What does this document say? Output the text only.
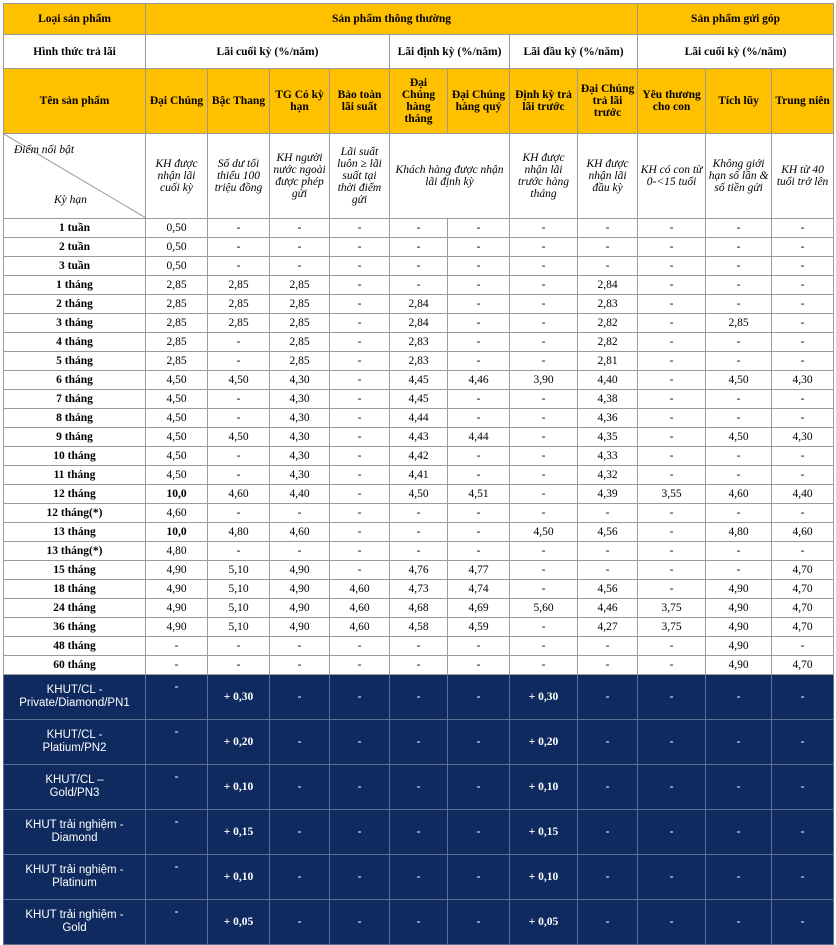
Loại sản phẩm	Sản phẩm thông thường								Sản phẩm gửi góp		
Hình thức trả lãi	Lãi cuối kỳ (%/năm)				Lãi định kỳ (%/năm)		Lãi đầu kỳ (%/năm)		Lãi cuối kỳ (%/năm)		
Tên sản phẩm	Đại Chúng	Bậc Thang	TG Có kỳ hạn	Bảo toàn lãi suất	Đại Chúng hàng tháng	Đại Chúng hàng quý	Định kỳ trả lãi trước	Đại Chúng trả lãi trước	Yêu thương cho con	Tích lũy	Trung niên

Điểm nổi bật
Kỳ hạn	KH được nhận lãi cuối kỳ	Số dư tối thiểu 100 triệu đồng	KH người nước ngoài được phép gửi	Lãi suất luôn ≥ lãi suất tại thời điểm gửi	Khách hàng được nhận lãi định kỳ		KH được nhận lãi trước hàng tháng	KH được nhận lãi đầu kỳ	KH có con từ 0-<15 tuổi	Không giới hạn số lần & số tiền gửi	KH từ 40 tuổi trở lên
1 tuần	0,50	-	-	-	-	-	-	-	-	-	-
2 tuần	0,50	-	-	-	-	-	-	-	-	-	-
3 tuần	0,50	-	-	-	-	-	-	-	-	-	-
1 tháng	2,85	2,85	2,85	-	-	-	-	2,84	-	-	-
2 tháng	2,85	2,85	2,85	-	2,84	-	-	2,83	-	-	-
3 tháng	2,85	2,85	2,85	-	2,84	-	-	2,82	-	2,85	-
4 tháng	2,85	-	2,85	-	2,83	-	-	2,82	-	-	-
5 tháng	2,85	-	2,85	-	2,83	-	-	2,81	-	-	-
6 tháng	4,50	4,50	4,30	-	4,45	4,46	3,90	4,40	-	4,50	4,30
7 tháng	4,50	-	4,30	-	4,45	-	-	4,38	-	-	-
8 tháng	4,50	-	4,30	-	4,44	-	-	4,36	-	-	-
9 tháng	4,50	4,50	4,30	-	4,43	4,44	-	4,35	-	4,50	4,30
10 tháng	4,50	-	4,30	-	4,42	-	-	4,33	-	-	-
11 tháng	4,50	-	4,30	-	4,41	-	-	4,32	-	-	-
12 tháng	10,0	4,60	4,40	-	4,50	4,51	-	4,39	3,55	4,60	4,40
12 tháng(*)	4,60	-	-	-	-	-	-	-	-	-	-
13 tháng	10,0	4,80	4,60	-	-	-	4,50	4,56	-	4,80	4,60
13 tháng(*)	4,80	-	-	-	-	-	-	-	-	-	-
15 tháng	4,90	5,10	4,90	-	4,76	4,77	-	-	-	-	4,70
18 tháng	4,90	5,10	4,90	4,60	4,73	4,74	-	4,56	-	4,90	4,70
24 tháng	4,90	5,10	4,90	4,60	4,68	4,69	5,60	4,46	3,75	4,90	4,70
36 tháng	4,90	5,10	4,90	4,60	4,58	4,59	-	4,27	3,75	4,90	4,70
48 tháng	-	-	-	-	-	-	-	-	-	4,90	-
60 tháng	-	-	-	-	-	-	-	-	-	4,90	4,70

KHUT/CL -
Private/Diamond/PN1	-	+ 0,30	-	-	-	-	+ 0,30	-	-	-	-

KHUT/CL -
Platium/PN2	-	+ 0,20	-	-	-	-	+ 0,20	-	-	-	-

KHUT/CL –
Gold/PN3	-	+ 0,10	-	-	-	-	+ 0,10	-	-	-	-

KHUT trải nghiệm -
Diamond	-	+ 0,15	-	-	-	-	+ 0,15	-	-	-	-

KHUT trải nghiệm -
Platinum	-	+ 0,10	-	-	-	-	+ 0,10	-	-	-	-

KHUT trải nghiệm -
Gold	-	+ 0,05	-	-	-	-	+ 0,05	-	-	-	-
